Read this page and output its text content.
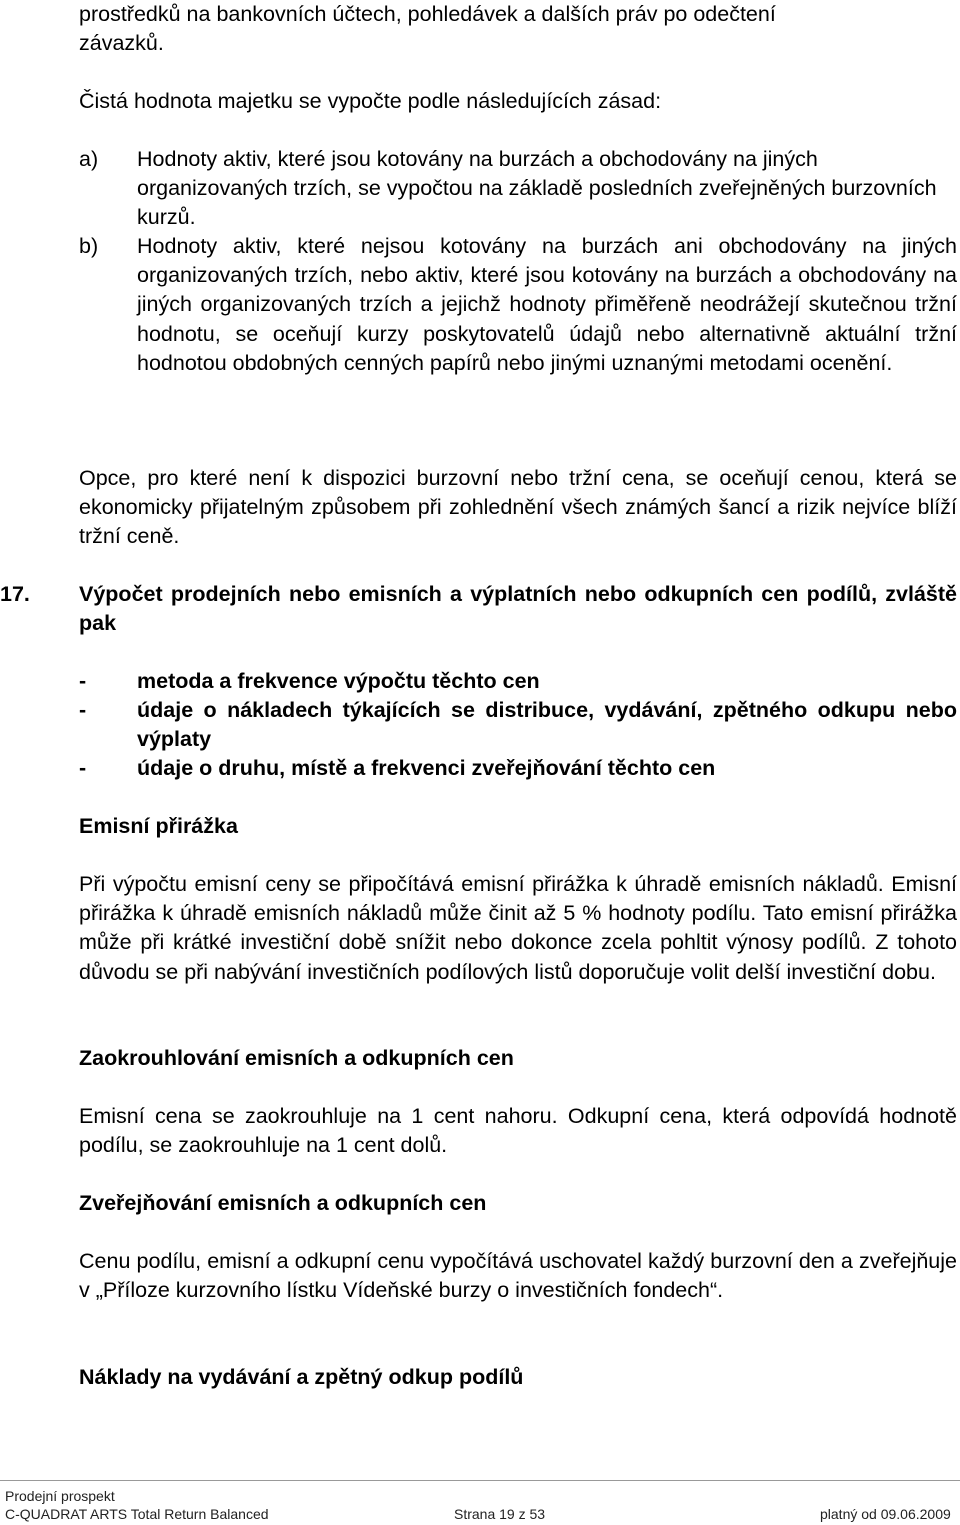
prostředků na bankovních účtech, pohledávek a dalších práv po odečtení
závazků.
Čistá hodnota majetku se vypočte podle následujících zásad:
a) Hodnoty aktiv, které jsou kotovány na burzách a obchodovány na jiných organizovaných trzích, se vypočtou na základě posledních zveřejněných burzovních kurzů.
b) Hodnoty aktiv, které nejsou kotovány na burzách ani obchodovány na jiných organizovaných trzích, nebo aktiv, které jsou kotovány na burzách a obchodovány na jiných organizovaných trzích a jejichž hodnoty přiměřeně neodrážejí skutečnou tržní hodnotu, se oceňují kurzy poskytovatelů údajů nebo alternativně aktuální tržní hodnotou obdobných cenných papírů nebo jinými uznanými metodami ocenění.
Opce, pro které není k dispozici burzovní nebo tržní cena, se oceňují cenou, která se ekonomicky přijatelným způsobem při zohlednění všech známých šancí a rizik nejvíce blíží tržní ceně.
17.	Výpočet prodejních nebo emisních a výplatních nebo odkupních cen podílů, zvláště pak
- metoda a frekvence výpočtu těchto cen
- údaje o nákladech týkajících se distribuce, vydávání, zpětného odkupu nebo výplaty
- údaje o druhu, místě a frekvenci zveřejňování těchto cen
Emisní přirážka
Při výpočtu emisní ceny se připočítává emisní přirážka k úhradě emisních nákladů. Emisní přirážka k úhradě emisních nákladů může činit až 5 % hodnoty podílu. Tato emisní přirážka může při krátké investiční době snížit nebo dokonce zcela pohltit výnosy podílů. Z tohoto důvodu se při nabývání investičních podílových listů doporučuje volit delší investiční dobu.
Zaokrouhlování emisních a odkupních cen
Emisní cena se zaokrouhluje na 1 cent nahoru. Odkupní cena, která odpovídá hodnotě podílu, se zaokrouhluje na 1 cent dolů.
Zveřejňování emisních a odkupních cen
Cenu podílu, emisní a odkupní cenu vypočítává uschovatel každý burzovní den a zveřejňuje v „Příloze kurzovního lístku Vídeňské burzy o investičních fondech“.
Náklady na vydávání a zpětný odkup podílů
Prodejní prospekt
C-QUADRAT ARTS Total Return Balanced	Strana 19 z 53	platný od 09.06.2009
